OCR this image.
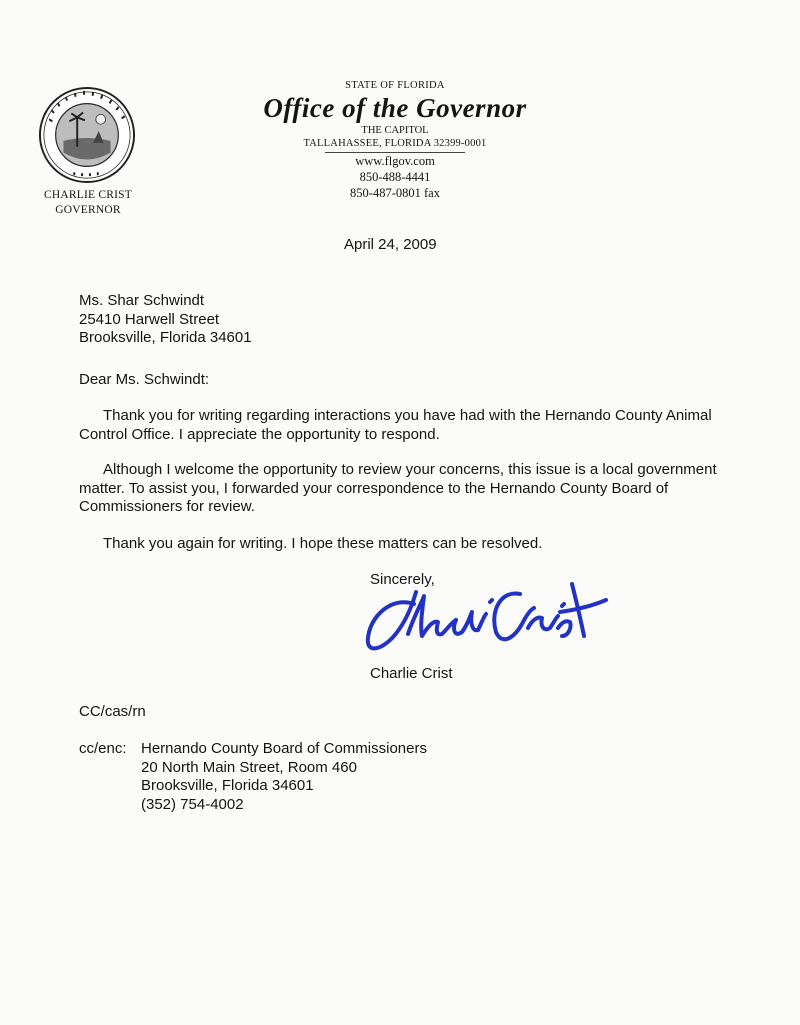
CHARLIE CRIST
GOVERNOR
STATE OF FLORIDA
Office of the Governor
THE CAPITOL
TALLAHASSEE, FLORIDA 32399-0001
www.flgov.com
850-488-4441
850-487-0801 fax
April 24, 2009
Ms. Shar Schwindt
25410 Harwell Street
Brooksville, Florida 34601
Dear Ms. Schwindt:
Thank you for writing regarding interactions you have had with the Hernando County Animal Control Office. I appreciate the opportunity to respond.
Although I welcome the opportunity to review your concerns, this issue is a local government matter. To assist you, I forwarded your correspondence to the Hernando County Board of Commissioners for review.
Thank you again for writing. I hope these matters can be resolved.
Sincerely,
Charlie Crist
CC/cas/rn
cc/enc: Hernando County Board of Commissioners
20 North Main Street, Room 460
Brooksville, Florida 34601
(352) 754-4002
